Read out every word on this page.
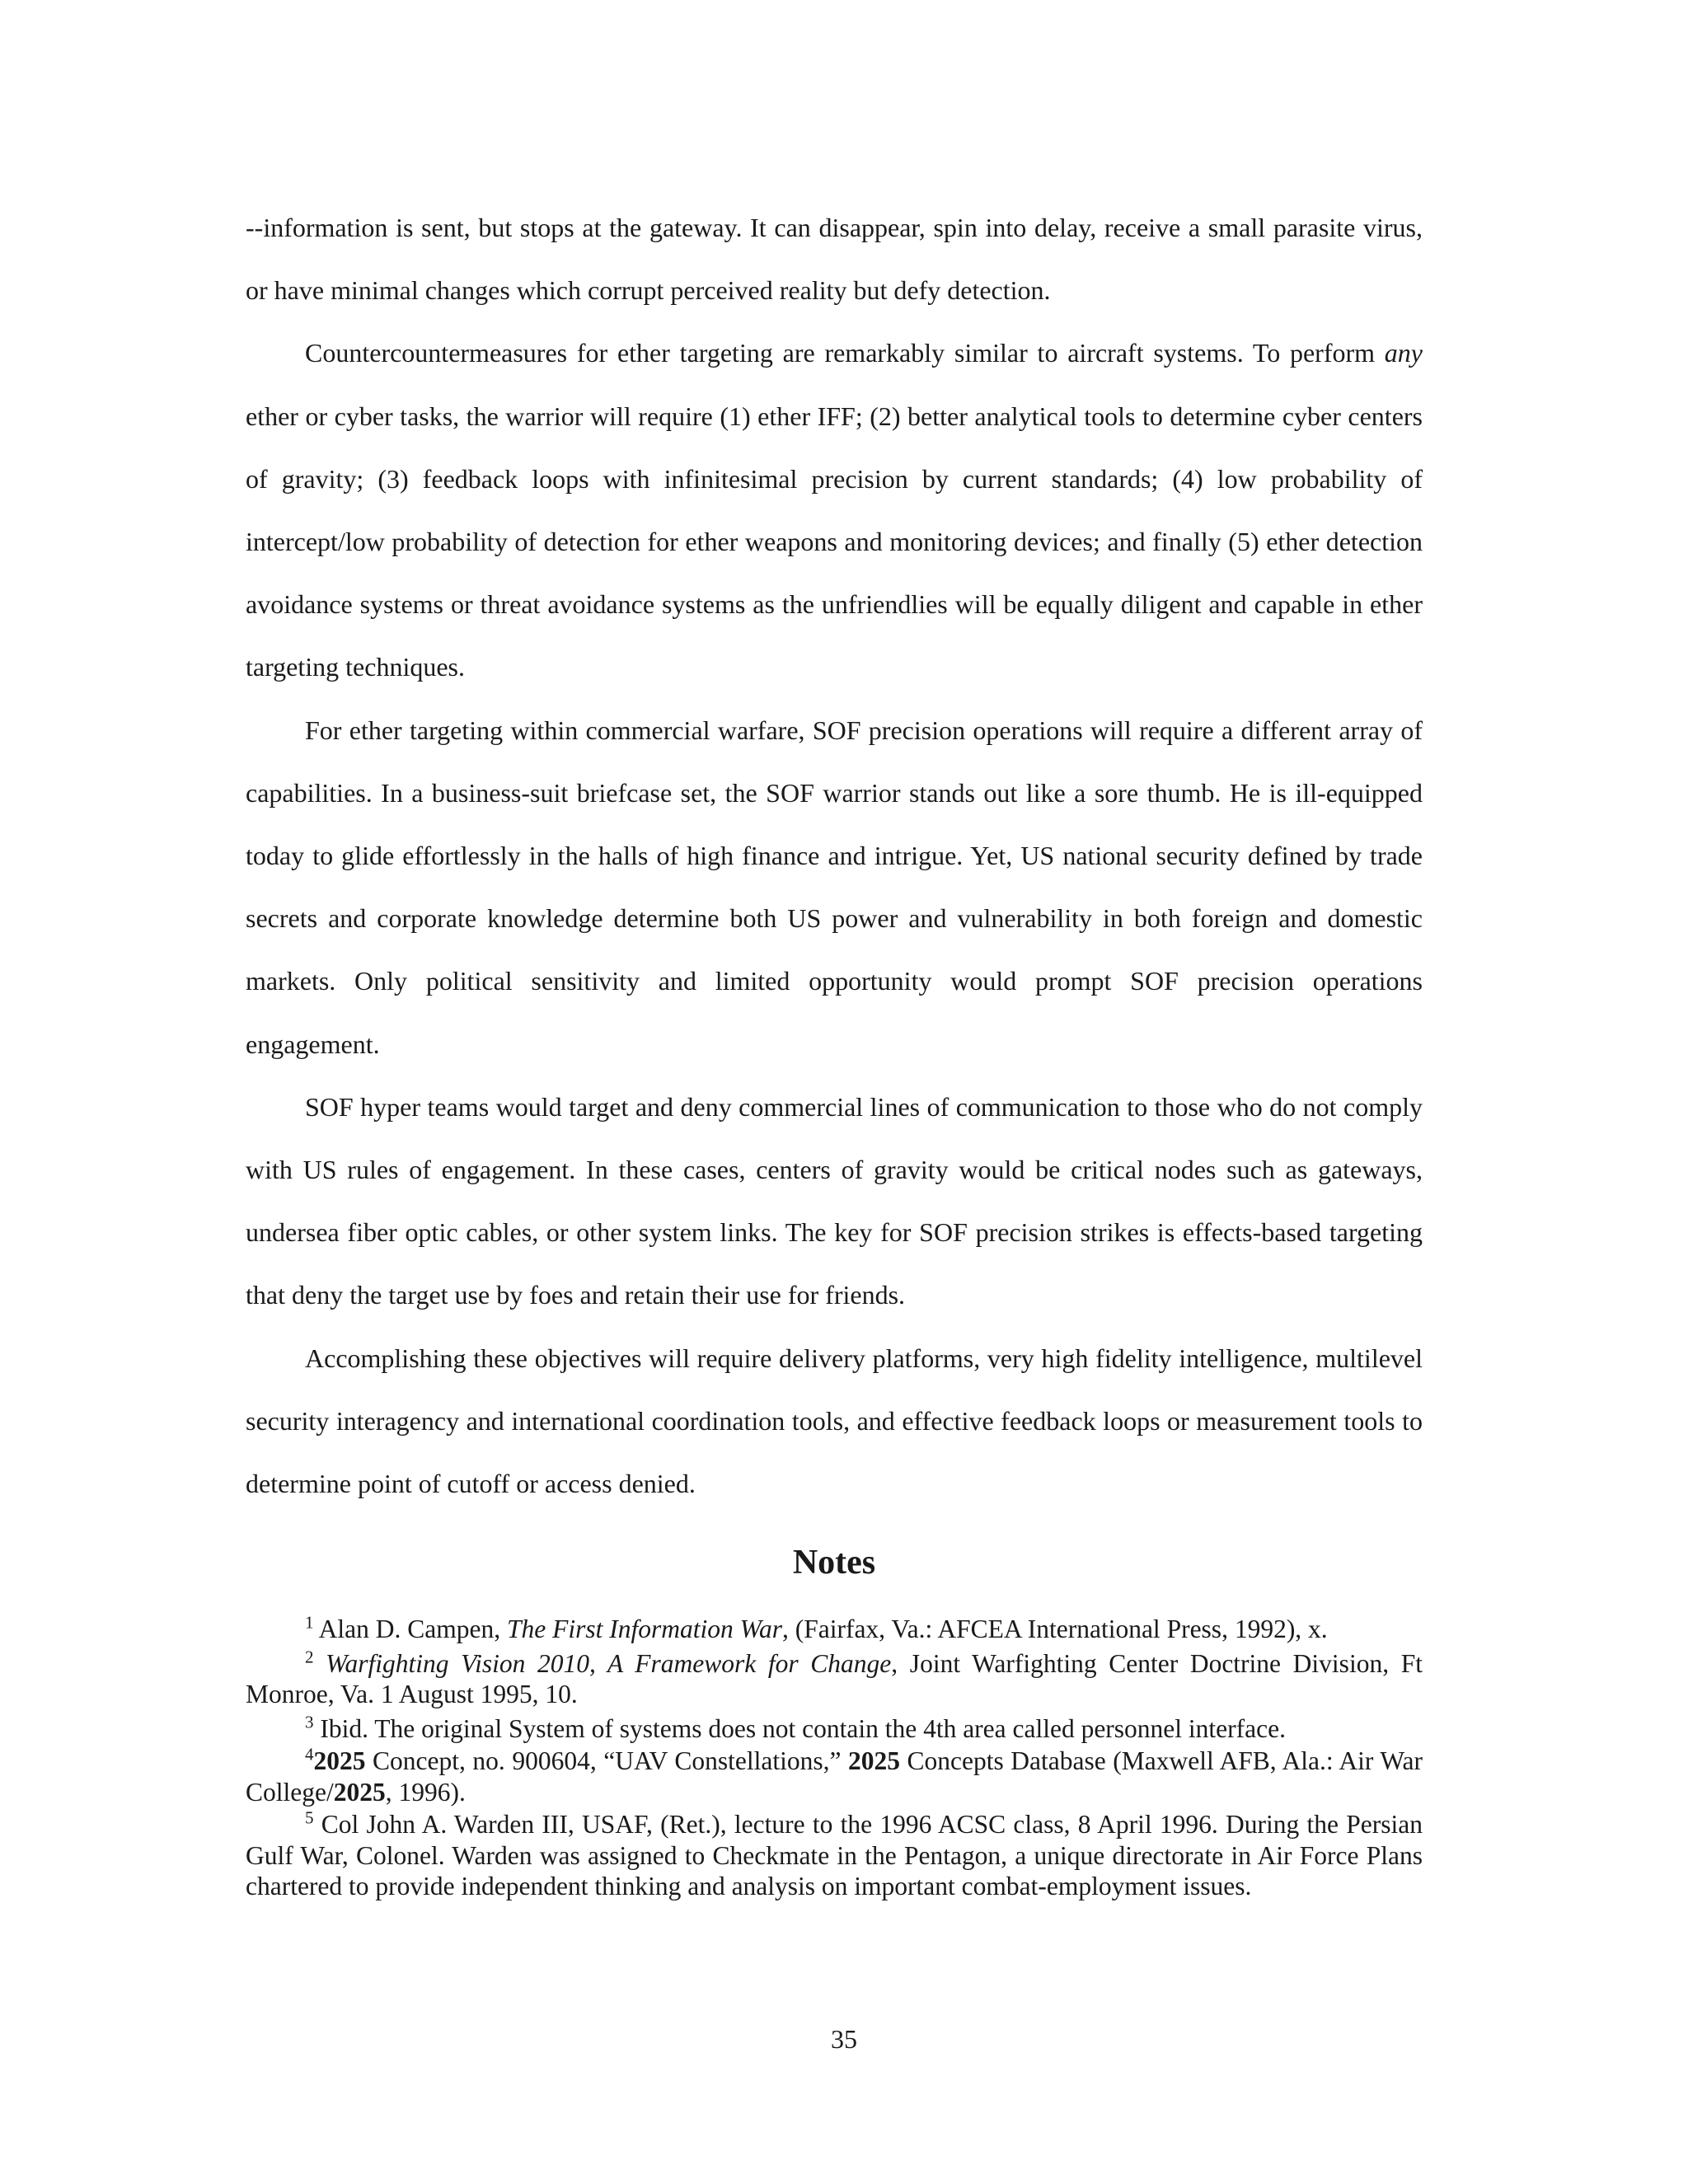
--information is sent, but stops at the gateway. It can disappear, spin into delay, receive a small parasite virus, or have minimal changes which corrupt perceived reality but defy detection.

Countercountermeasures for ether targeting are remarkably similar to aircraft systems. To perform any ether or cyber tasks, the warrior will require (1) ether IFF; (2) better analytical tools to determine cyber centers of gravity; (3) feedback loops with infinitesimal precision by current standards; (4) low probability of intercept/low probability of detection for ether weapons and monitoring devices; and finally (5) ether detection avoidance systems or threat avoidance systems as the unfriendlies will be equally diligent and capable in ether targeting techniques.

For ether targeting within commercial warfare, SOF precision operations will require a different array of capabilities. In a business-suit briefcase set, the SOF warrior stands out like a sore thumb. He is ill-equipped today to glide effortlessly in the halls of high finance and intrigue. Yet, US national security defined by trade secrets and corporate knowledge determine both US power and vulnerability in both foreign and domestic markets. Only political sensitivity and limited opportunity would prompt SOF precision operations engagement.

SOF hyper teams would target and deny commercial lines of communication to those who do not comply with US rules of engagement. In these cases, centers of gravity would be critical nodes such as gateways, undersea fiber optic cables, or other system links. The key for SOF precision strikes is effects-based targeting that deny the target use by foes and retain their use for friends.

Accomplishing these objectives will require delivery platforms, very high fidelity intelligence, multilevel security interagency and international coordination tools, and effective feedback loops or measurement tools to determine point of cutoff or access denied.

Notes

$^1$ Alan D. Campen, The First Information War, (Fairfax, Va.: AFCEA International Press, 1992), x.

$^2$ Warfighting Vision 2010, A Framework for Change, Joint Warfighting Center Doctrine Division, Ft Monroe, Va. 1 August 1995, 10.

$^3$ Ibid. The original System of systems does not contain the 4th area called personnel interface.

$^4$2025 Concept, no. 900604, “UAV Constellations,” 2025 Concepts Database (Maxwell AFB, Ala.: Air War College/2025, 1996).

$^5$ Col John A. Warden III, USAF, (Ret.), lecture to the 1996 ACSC class, 8 April 1996. During the Persian Gulf War, Colonel. Warden was assigned to Checkmate in the Pentagon, a unique directorate in Air Force Plans chartered to provide independent thinking and analysis on important combat-employment issues.

35
